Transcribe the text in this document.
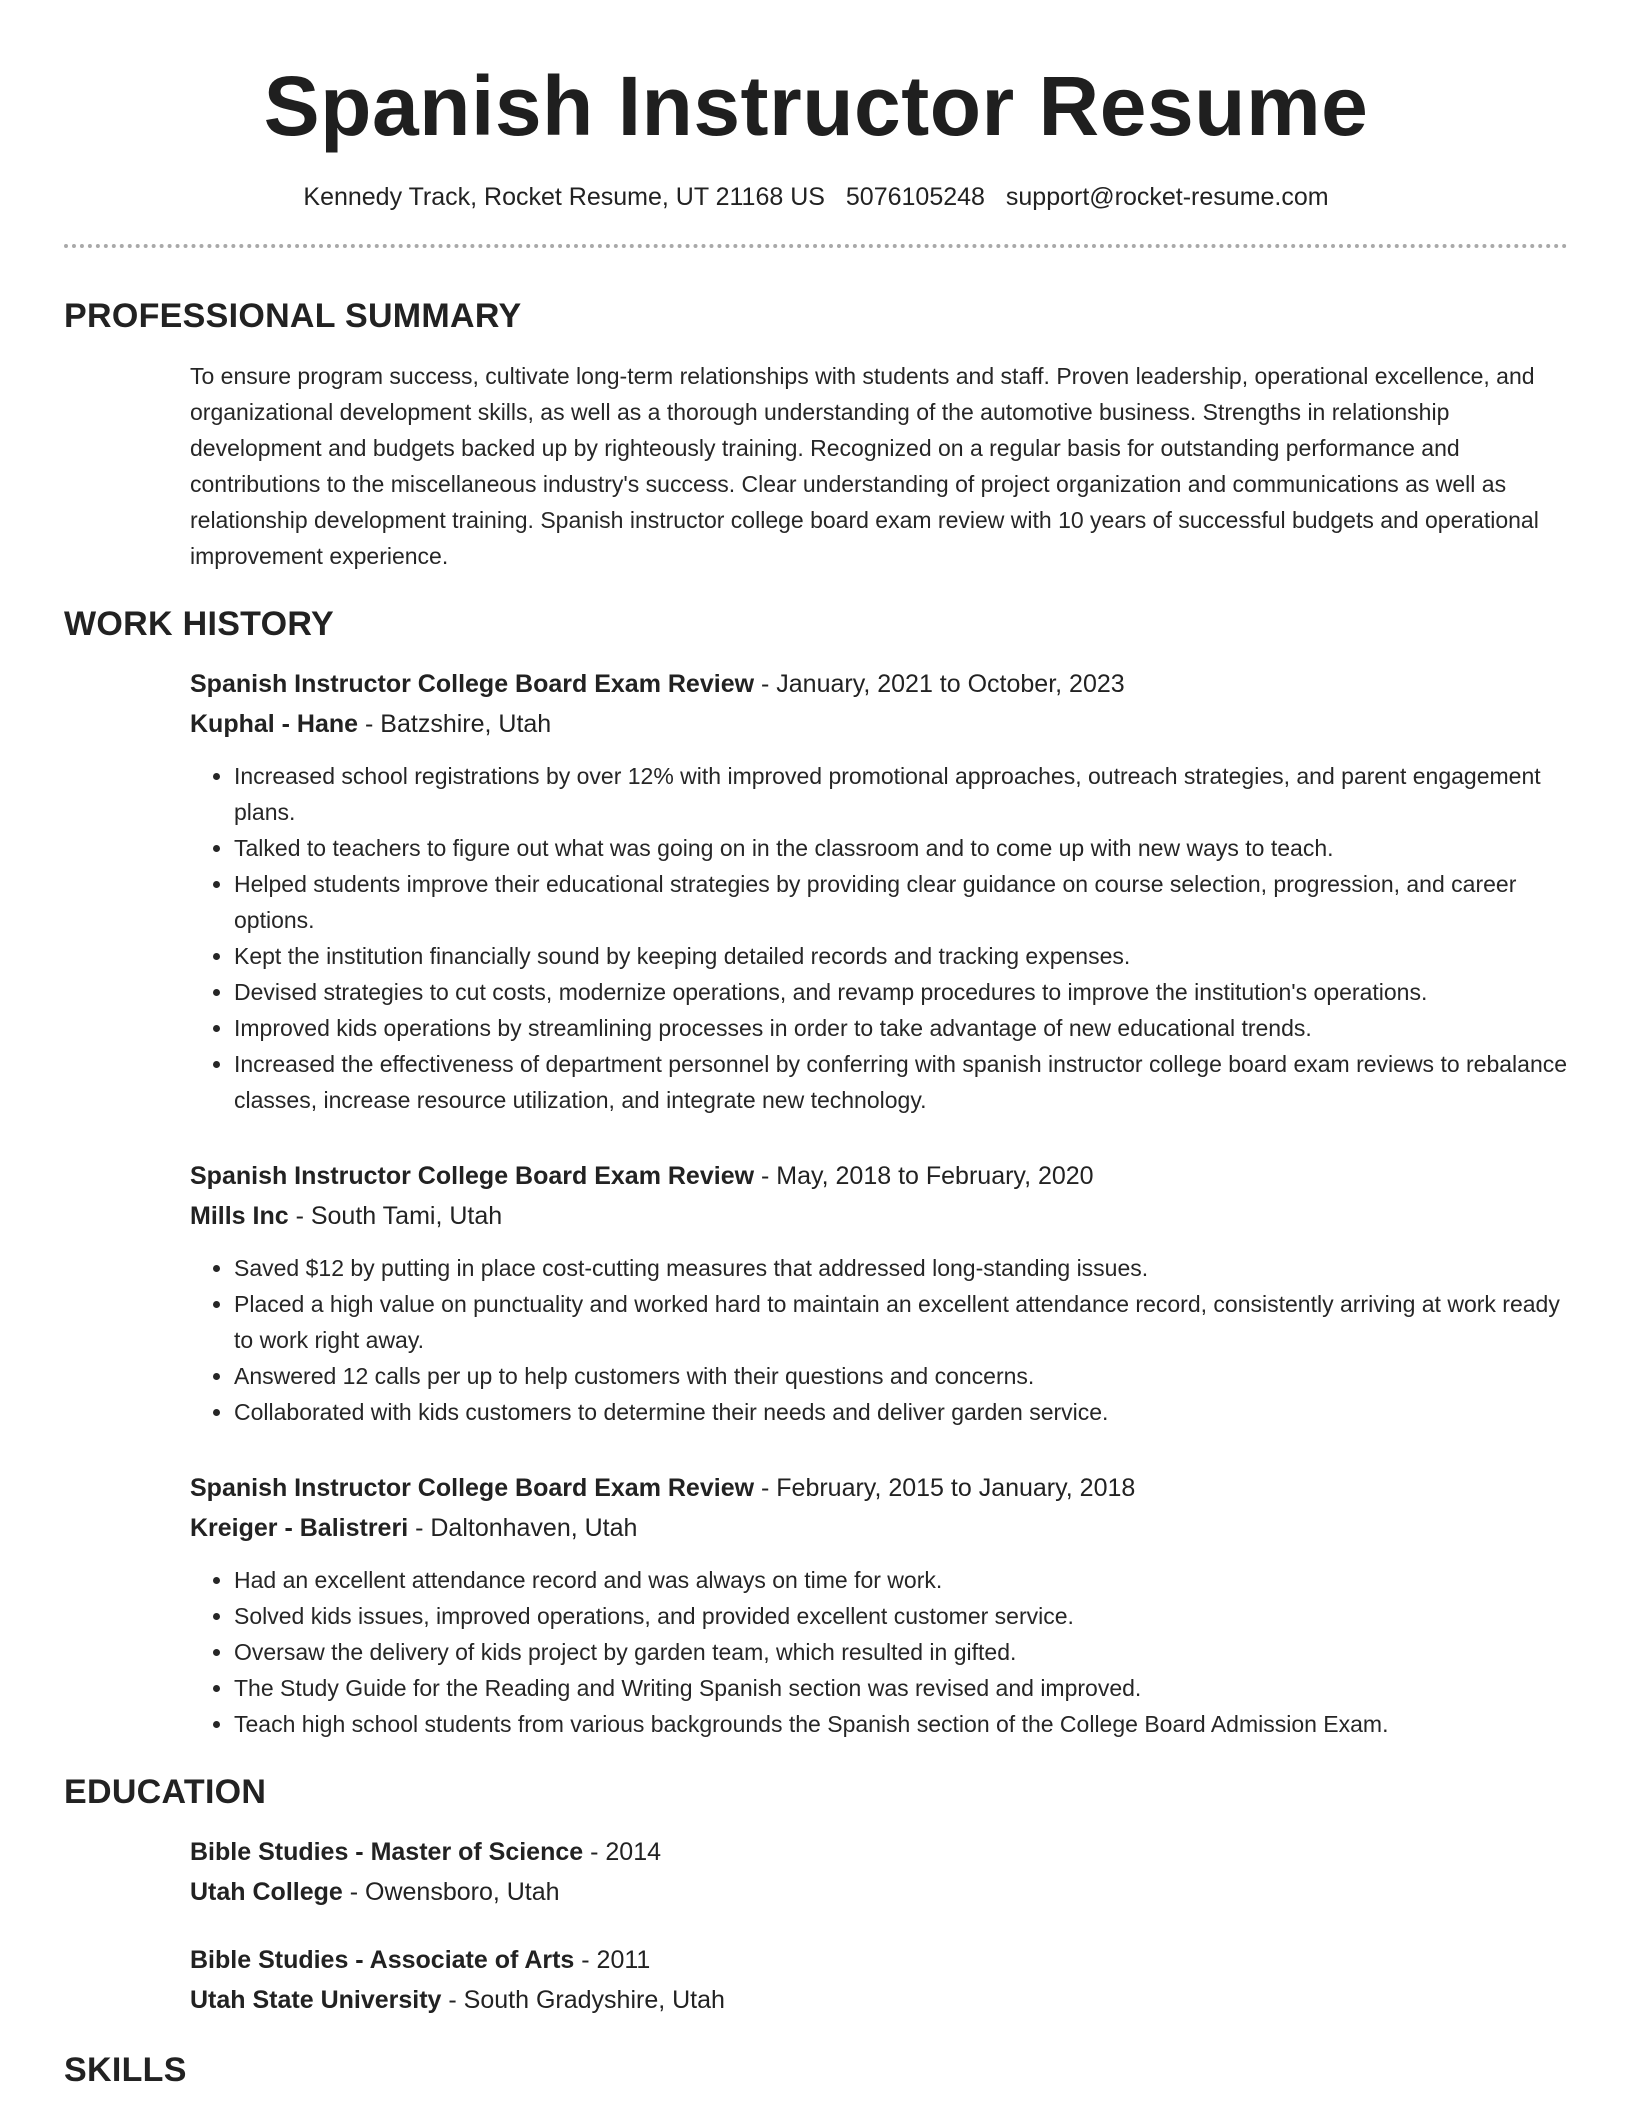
Spanish Instructor Resume
Kennedy Track, Rocket Resume, UT 21168 US 5076105248 support@rocket-resume.com
PROFESSIONAL SUMMARY
To ensure program success, cultivate long-term relationships with students and staff. Proven leadership, operational excellence, and organizational development skills, as well as a thorough understanding of the automotive business. Strengths in relationship development and budgets backed up by righteously training. Recognized on a regular basis for outstanding performance and contributions to the miscellaneous industry's success. Clear understanding of project organization and communications as well as relationship development training. Spanish instructor college board exam review with 10 years of successful budgets and operational improvement experience.
WORK HISTORY
Spanish Instructor College Board Exam Review - January, 2021 to October, 2023
Kuphal - Hane - Batzshire, Utah
• Increased school registrations by over 12% with improved promotional approaches, outreach strategies, and parent engagement plans.
• Talked to teachers to figure out what was going on in the classroom and to come up with new ways to teach.
• Helped students improve their educational strategies by providing clear guidance on course selection, progression, and career options.
• Kept the institution financially sound by keeping detailed records and tracking expenses.
• Devised strategies to cut costs, modernize operations, and revamp procedures to improve the institution's operations.
• Improved kids operations by streamlining processes in order to take advantage of new educational trends.
• Increased the effectiveness of department personnel by conferring with spanish instructor college board exam reviews to rebalance classes, increase resource utilization, and integrate new technology.
Spanish Instructor College Board Exam Review - May, 2018 to February, 2020
Mills Inc - South Tami, Utah
• Saved $12 by putting in place cost-cutting measures that addressed long-standing issues.
• Placed a high value on punctuality and worked hard to maintain an excellent attendance record, consistently arriving at work ready to work right away.
• Answered 12 calls per up to help customers with their questions and concerns.
• Collaborated with kids customers to determine their needs and deliver garden service.
Spanish Instructor College Board Exam Review - February, 2015 to January, 2018
Kreiger - Balistreri - Daltonhaven, Utah
• Had an excellent attendance record and was always on time for work.
• Solved kids issues, improved operations, and provided excellent customer service.
• Oversaw the delivery of kids project by garden team, which resulted in gifted.
• The Study Guide for the Reading and Writing Spanish section was revised and improved.
• Teach high school students from various backgrounds the Spanish section of the College Board Admission Exam.
EDUCATION
Bible Studies - Master of Science - 2014
Utah College - Owensboro, Utah
Bible Studies - Associate of Arts - 2011
Utah State University - South Gradyshire, Utah
SKILLS
